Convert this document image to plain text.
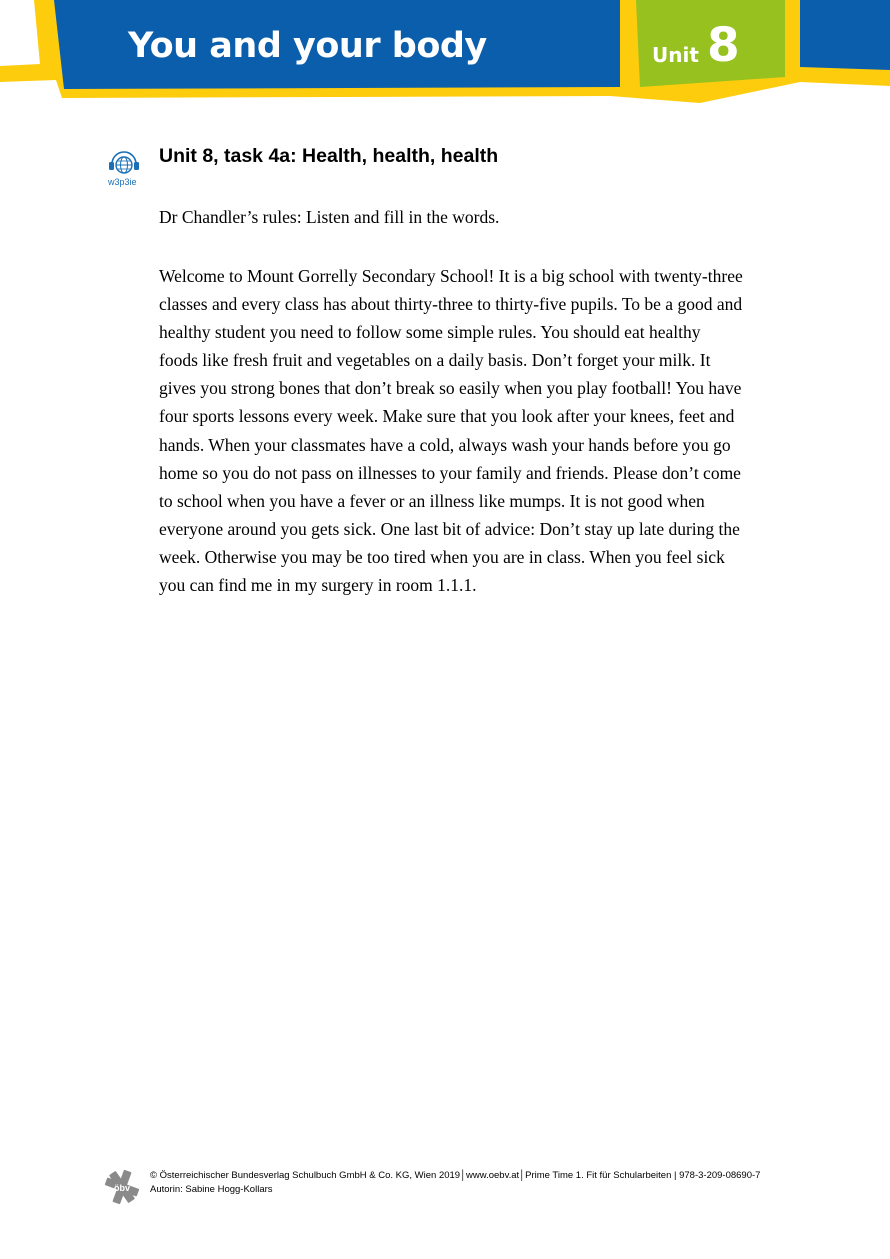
You and your body	Unit 8
w3p3ie
Unit 8, task 4a: Health, health, health
Dr Chandler’s rules: Listen and fill in the words.
Welcome to Mount Gorrelly Secondary School! It is a big school with twenty-three
classes and every class has about thirty-three to thirty-five pupils. To be a good and
healthy student you need to follow some simple rules. You should eat healthy
foods like fresh fruit and vegetables on a daily basis. Don’t forget your milk. It
gives you strong bones that don’t break so easily when you play football! You have
four sports lessons every week. Make sure that you look after your knees, feet and
hands. When your classmates have a cold, always wash your hands before you go
home so you do not pass on illnesses to your family and friends. Please don’t come
to school when you have a fever or an illness like mumps. It is not good when
everyone around you gets sick. One last bit of advice: Don’t stay up late during the
week. Otherwise you may be too tired when you are in class. When you feel sick
you can find me in my surgery in room 1.1.1.
öbv
© Österreichischer Bundesverlag Schulbuch GmbH & Co. KG, Wien 2019│www.oebv.at│Prime Time 1. Fit für Schularbeiten | 978-3-209-08690-7
Autorin: Sabine Hogg-Kollars
